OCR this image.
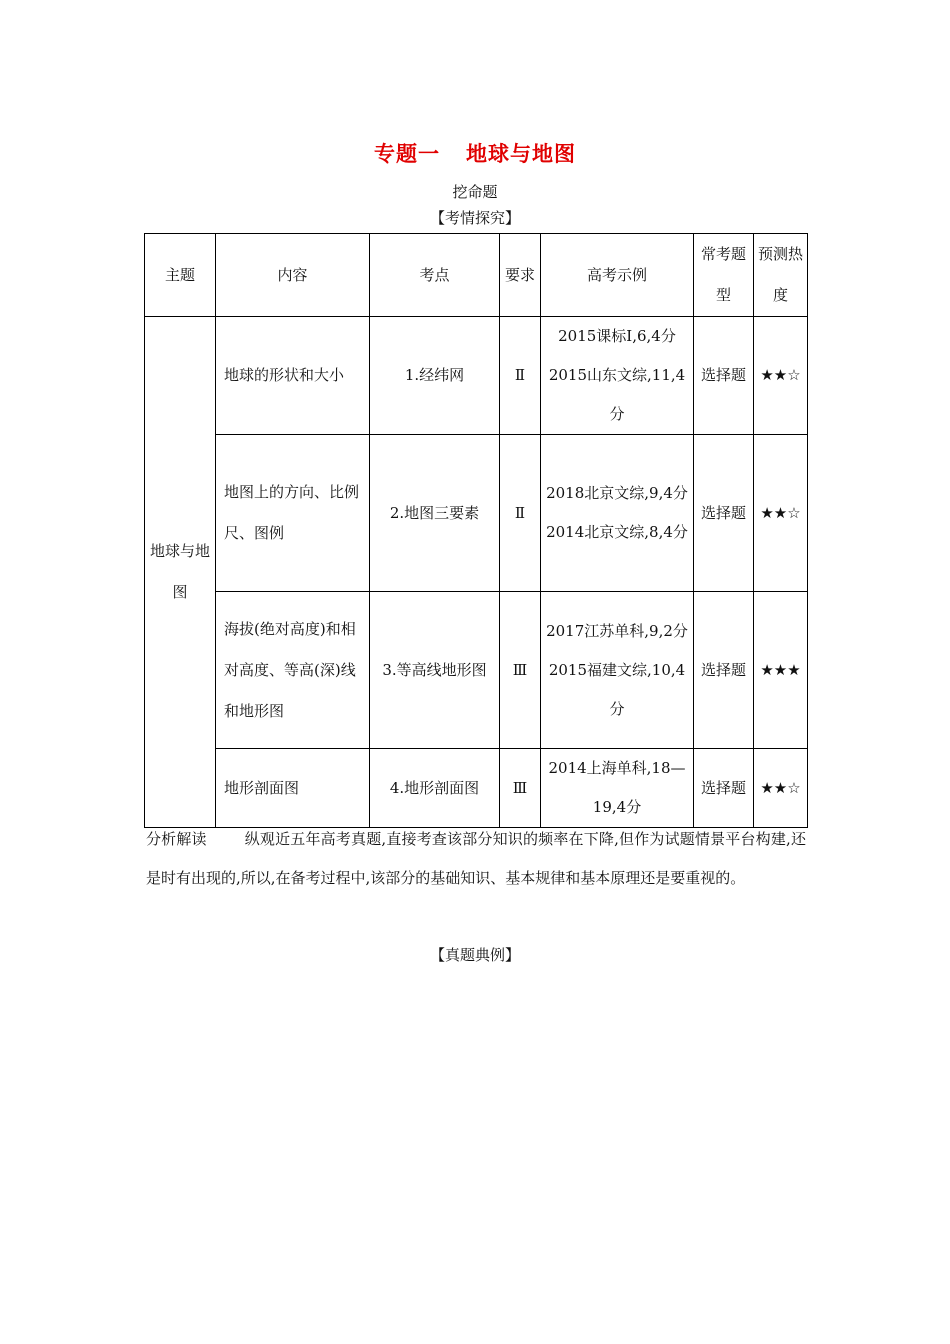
专题一 地球与地图
挖命题
【考情探究】
主题	内容	考点	要求	高考示例	常考题型	预测热度
地球与地图	地球的形状和大小	1.经纬网	Ⅱ	2015课标Ⅰ,6,4分 2015山东文综,11,4分	选择题	★★☆
	地图上的方向、比例尺、图例	2.地图三要素	Ⅱ	2018北京文综,9,4分 2014北京文综,8,4分	选择题	★★☆
	海拔(绝对高度)和相对高度、等高(深)线和地形图	3.等高线地形图	Ⅲ	2017江苏单科,9,2分 2015福建文综,10,4分	选择题	★★★
	地形剖面图	4.地形剖面图	Ⅲ	2014上海单科,18—19,4分	选择题	★★☆
分析解读	纵观近五年高考真题,直接考查该部分知识的频率在下降,但作为试题情景平台构建,还是时有出现的,所以,在备考过程中,该部分的基础知识、基本规律和基本原理还是要重视的。
【真题典例】
